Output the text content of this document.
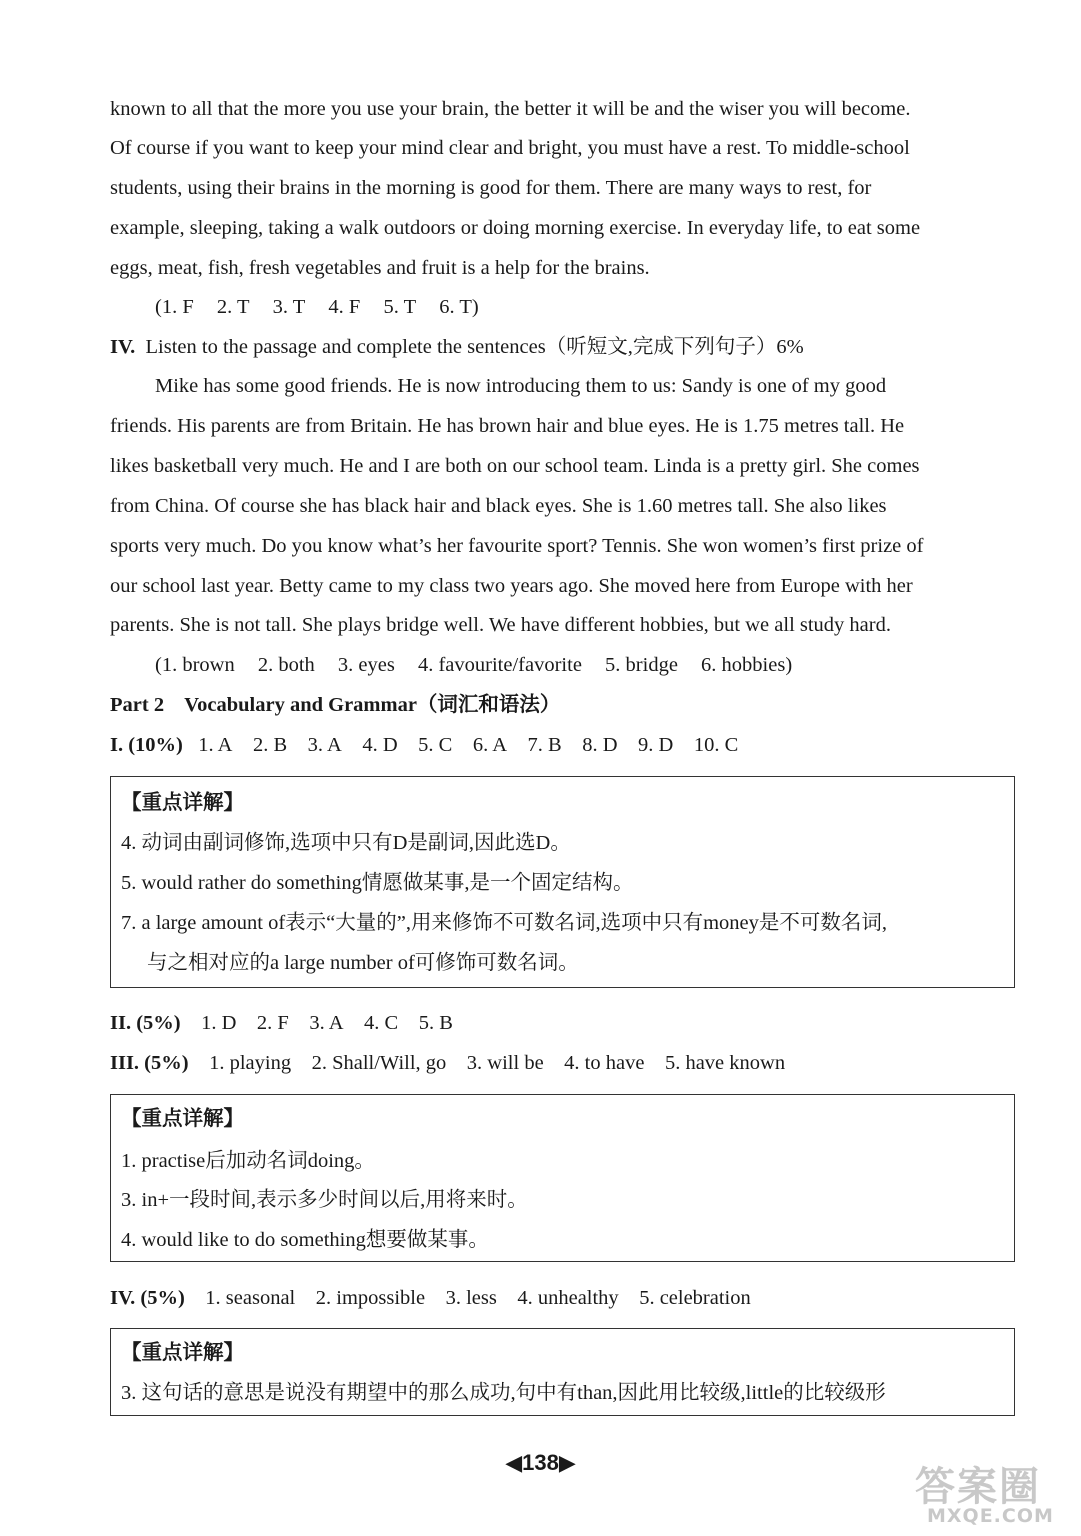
known to all that the more you use your brain, the better it will be and the wiser you will become.
Of course if you want to keep your mind clear and bright, you must have a rest. To middle-school
students, using their brains in the morning is good for them. There are many ways to rest, for
example, sleeping, taking a walk outdoors or doing morning exercise. In everyday life, to eat some
eggs, meat, fish, fresh vegetables and fruit is a help for the brains.
(1. F 2. T 3. T 4. F 5. T 6. T)
IV. Listen to the passage and complete the sentences（听短文,完成下列句子）6%
Mike has some good friends. He is now introducing them to us: Sandy is one of my good
friends. His parents are from Britain. He has brown hair and blue eyes. He is 1.75 metres tall. He
likes basketball very much. He and I are both on our school team. Linda is a pretty girl. She comes
from China. Of course she has black hair and black eyes. She is 1.60 metres tall. She also likes
sports very much. Do you know what’s her favourite sport? Tennis. She won women’s first prize of
our school last year. Betty came to my class two years ago. She moved here from Europe with her
parents. She is not tall. She plays bridge well. We have different hobbies, but we all study hard.
(1. brown 2. both 3. eyes 4. favourite/favorite 5. bridge 6. hobbies)
Part 2 Vocabulary and Grammar（词汇和语法）
I. (10%) 1. A 2. B 3. A 4. D 5. C 6. A 7. B 8. D 9. D 10. C
【重点详解】
4. 动词由副词修饰,选项中只有D是副词,因此选D。
5. would rather do something情愿做某事,是一个固定结构。
7. a large amount of表示“大量的”,用来修饰不可数名词,选项中只有money是不可数名词,
与之相对应的a large number of可修饰可数名词。
II. (5%) 1. D 2. F 3. A 4. C 5. B
III. (5%) 1. playing 2. Shall/Will, go 3. will be 4. to have 5. have known
【重点详解】
1. practise后加动名词doing。
3. in+一段时间,表示多少时间以后,用将来时。
4. would like to do something想要做某事。
IV. (5%) 1. seasonal 2. impossible 3. less 4. unhealthy 5. celebration
【重点详解】
3. 这句话的意思是说没有期望中的那么成功,句中有than,因此用比较级,little的比较级形
◀138▶
答案圈
MXQE.COM
